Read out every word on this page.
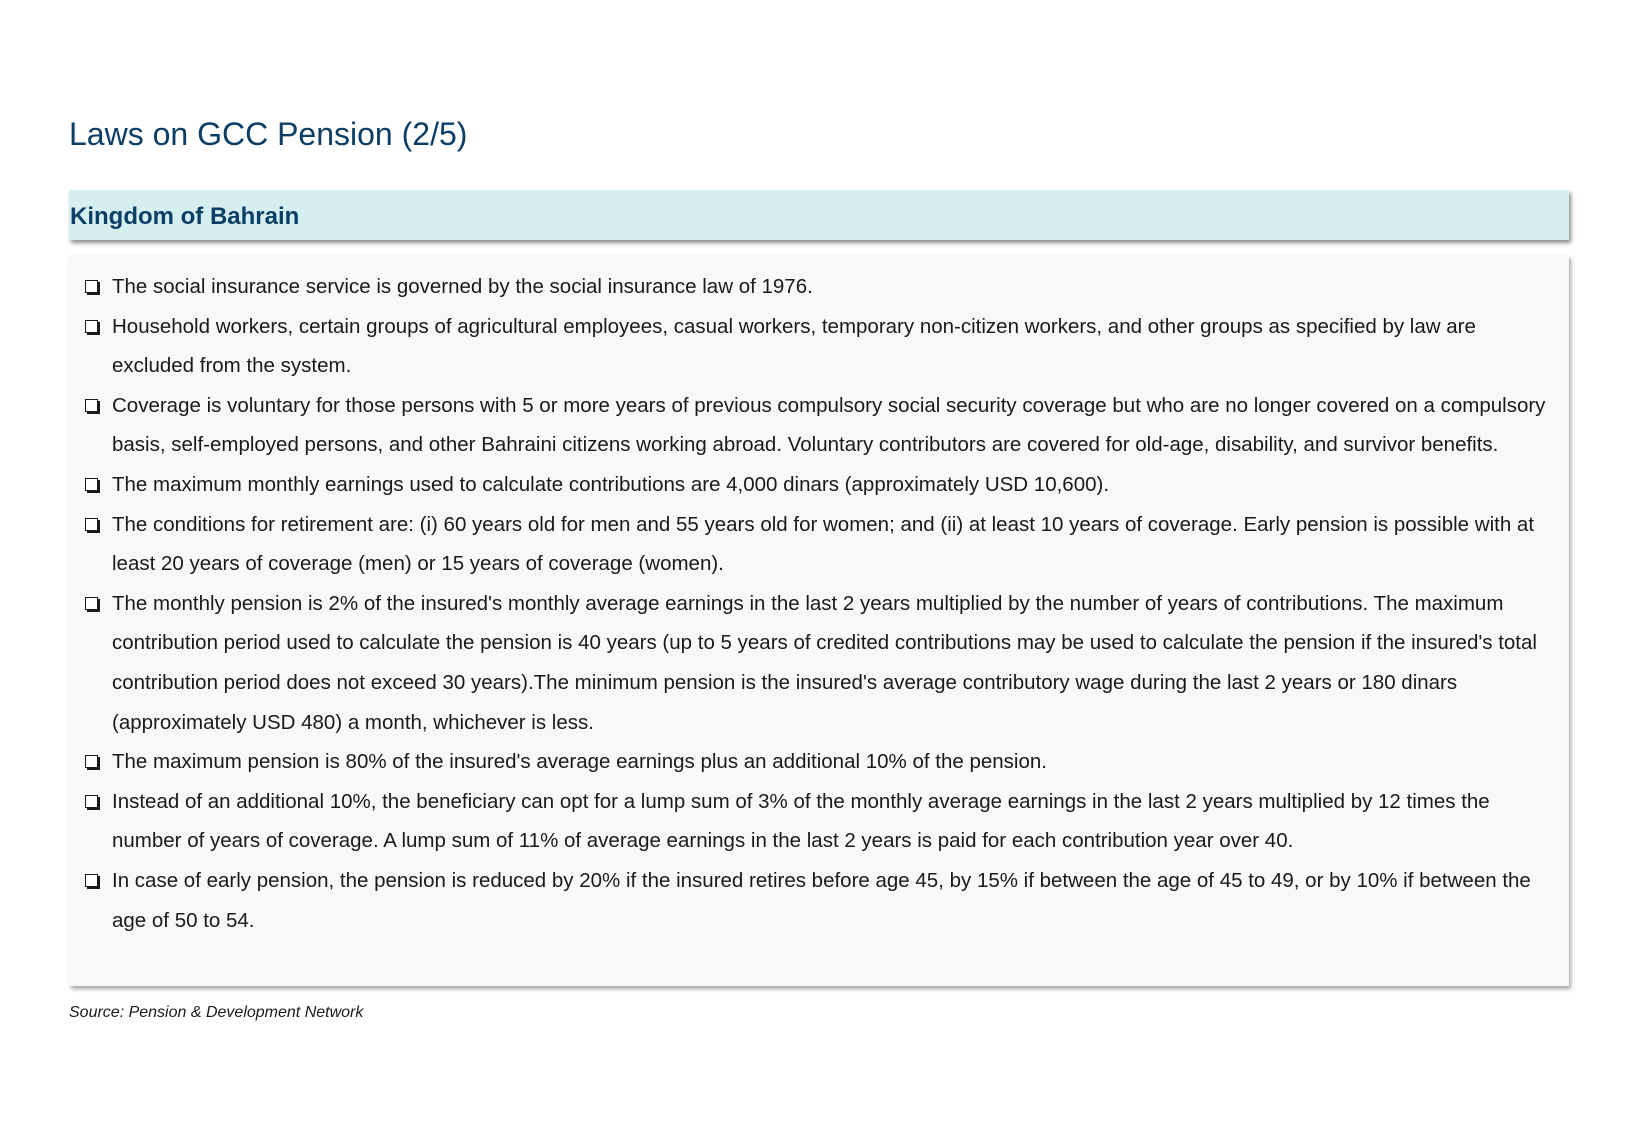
Laws on GCC Pension (2/5)
Kingdom of Bahrain
The social insurance service is governed by the social insurance law of 1976.
Household workers, certain groups of agricultural employees, casual workers, temporary non-citizen workers, and other groups as specified by law are excluded from the system.
Coverage is voluntary for those persons with 5 or more years of previous compulsory social security coverage but who are no longer covered on a compulsory basis, self-employed persons, and other Bahraini citizens working abroad. Voluntary contributors are covered for old-age, disability, and survivor benefits.
The maximum monthly earnings used to calculate contributions are 4,000 dinars (approximately USD 10,600).
The conditions for retirement are: (i) 60 years old for men and 55 years old for women; and (ii) at least 10 years of coverage. Early pension is possible with at least 20 years of coverage (men) or 15 years of coverage (women).
The monthly pension is 2% of the insured's monthly average earnings in the last 2 years multiplied by the number of years of contributions. The maximum contribution period used to calculate the pension is 40 years (up to 5 years of credited contributions may be used to calculate the pension if the insured's total contribution period does not exceed 30 years).The minimum pension is the insured's average contributory wage during the last 2 years or 180 dinars (approximately USD 480) a month, whichever is less.
The maximum pension is 80% of the insured's average earnings plus an additional 10% of the pension.
Instead of an additional 10%, the beneficiary can opt for a lump sum of 3% of the monthly average earnings in the last 2 years multiplied by 12 times the number of years of coverage. A lump sum of 11% of average earnings in the last 2 years is paid for each contribution year over 40.
In case of early pension, the pension is reduced by 20% if the insured retires before age 45, by 15% if between the age of 45 to 49, or by 10% if between the age of 50 to 54.
Source: Pension & Development Network
